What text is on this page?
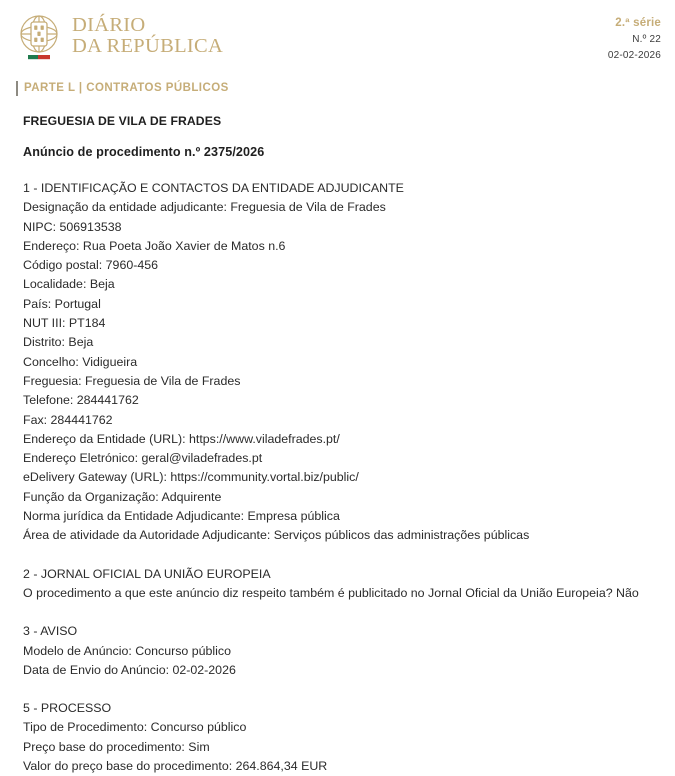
DIÁRIO
DA REPÚBLICA
2.ª série
N.º 22
02-02-2026
PARTE L | CONTRATOS PÚBLICOS
FREGUESIA DE VILA DE FRADES
Anúncio de procedimento n.º 2375/2026
1 - IDENTIFICAÇÃO E CONTACTOS DA ENTIDADE ADJUDICANTE
Designação da entidade adjudicante: Freguesia de Vila de Frades
NIPC: 506913538
Endereço: Rua Poeta João Xavier de Matos n.6
Código postal: 7960-456
Localidade: Beja
País: Portugal
NUT III: PT184
Distrito: Beja
Concelho: Vidigueira
Freguesia: Freguesia de Vila de Frades
Telefone: 284441762
Fax: 284441762
Endereço da Entidade (URL): https://www.viladefrades.pt/
Endereço Eletrónico: geral@viladefrades.pt
eDelivery Gateway (URL): https://community.vortal.biz/public/
Função da Organização: Adquirente
Norma jurídica da Entidade Adjudicante: Empresa pública
Área de atividade da Autoridade Adjudicante: Serviços públicos das administrações públicas
2 - JORNAL OFICIAL DA UNIÃO EUROPEIA
O procedimento a que este anúncio diz respeito também é publicitado no Jornal Oficial da União Europeia? Não
3 - AVISO
Modelo de Anúncio: Concurso público
Data de Envio do Anúncio: 02-02-2026
5 - PROCESSO
Tipo de Procedimento: Concurso público
Preço base do procedimento: Sim
Valor do preço base do procedimento: 264.864,34 EUR
